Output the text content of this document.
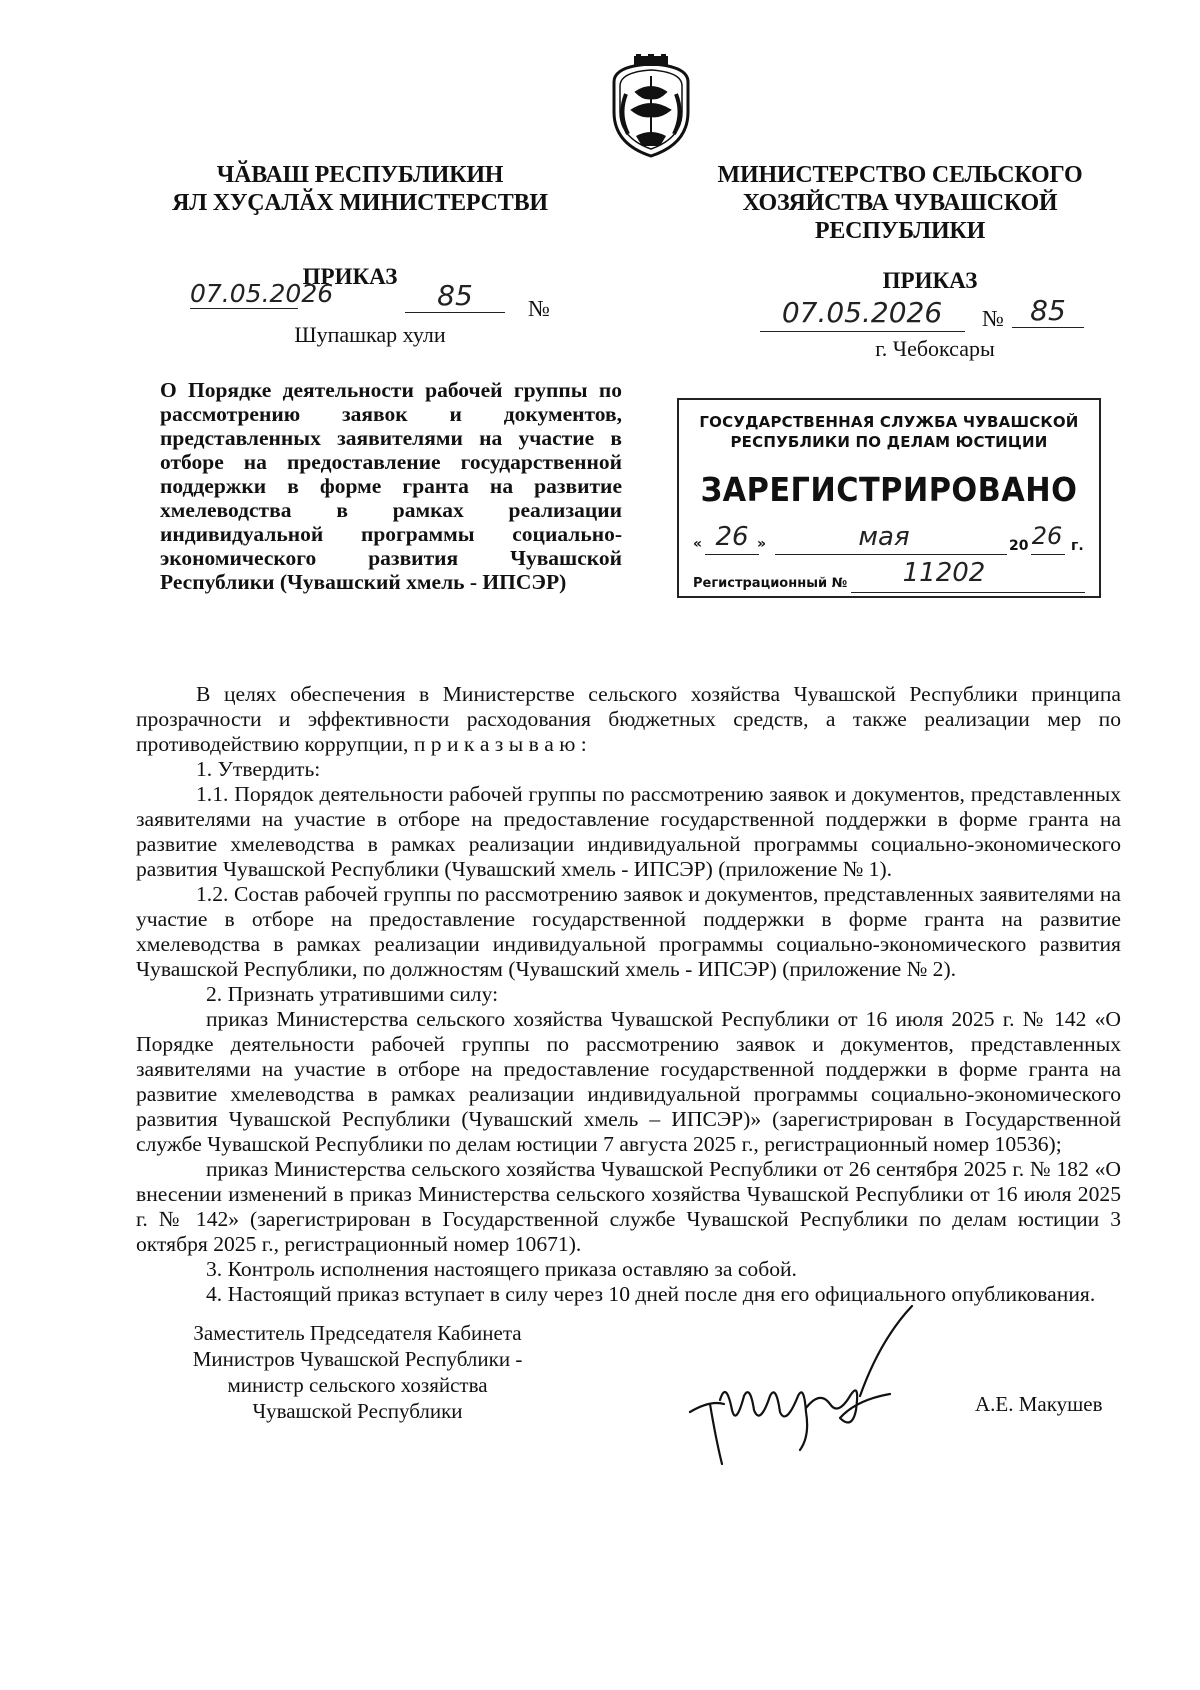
ЧӐВАШ РЕСПУБЛИКИН
ЯЛ ХУҪАЛӐХ МИНИСТЕРСТВИ
МИНИСТЕРСТВО СЕЛЬСКОГО
ХОЗЯЙСТВА ЧУВАШСКОЙ
РЕСПУБЛИКИ
ПРИКАЗ
07.05.2026	85	№
Шупашкар хули
ПРИКАЗ
07.05.2026	№ 85
г. Чебоксары
О Порядке деятельности рабочей группы по рассмотрению заявок и документов, представленных заявителями на участие в отборе на предоставление государственной поддержки в форме гранта на развитие хмелеводства в рамках реализации индивидуальной программы социально-экономического развития Чувашской Республики (Чувашский хмель - ИПСЭР)
ГОСУДАРСТВЕННАЯ СЛУЖБА ЧУВАШСКОЙ
РЕСПУБЛИКИ ПО ДЕЛАМ ЮСТИЦИИ
ЗАРЕГИСТРИРОВАНО
« 26 »	мая	20 26 г.
Регистрационный №	11202

В целях обеспечения в Министерстве сельского хозяйства Чувашской Республики принципа прозрачности и эффективности расходования бюджетных средств, а также реализации мер по противодействию коррупции, п р и к а з ы в а ю :

1. Утвердить:

1.1. Порядок деятельности рабочей группы по рассмотрению заявок и документов, представленных заявителями на участие в отборе на предоставление государственной поддержки в форме гранта на развитие хмелеводства в рамках реализации индивидуальной программы социально-экономического развития Чувашской Республики (Чувашский хмель - ИПСЭР) (приложение № 1).

1.2. Состав рабочей группы по рассмотрению заявок и документов, представленных заявителями на участие в отборе на предоставление государственной поддержки в форме гранта на развитие хмелеводства в рамках реализации индивидуальной программы социально-экономического развития Чувашской Республики, по должностям (Чувашский хмель - ИПСЭР) (приложение № 2).

2. Признать утратившими силу:

приказ Министерства сельского хозяйства Чувашской Республики от 16 июля 2025 г. № 142 «О Порядке деятельности рабочей группы по рассмотрению заявок и документов, представленных заявителями на участие в отборе на предоставление государственной поддержки в форме гранта на развитие хмелеводства в рамках реализации индивидуальной программы социально-экономического развития Чувашской Республики (Чувашский хмель – ИПСЭР)» (зарегистрирован в Государственной службе Чувашской Республики по делам юстиции 7 августа 2025 г., регистрационный номер 10536);

приказ Министерства сельского хозяйства Чувашской Республики от 26 сентября 2025 г. № 182 «О внесении изменений в приказ Министерства сельского хозяйства Чувашской Республики от 16 июля 2025 г. № 142» (зарегистрирован в Государственной службе Чувашской Республики по делам юстиции 3 октября 2025 г., регистрационный номер 10671).

3. Контроль исполнения настоящего приказа оставляю за собой.

4. Настоящий приказ вступает в силу через 10 дней после дня его официального опубликования.

Заместитель Председателя Кабинета
Министров Чувашской Республики -
министр сельского хозяйства
Чувашской Республики	А.Е. Макушев
